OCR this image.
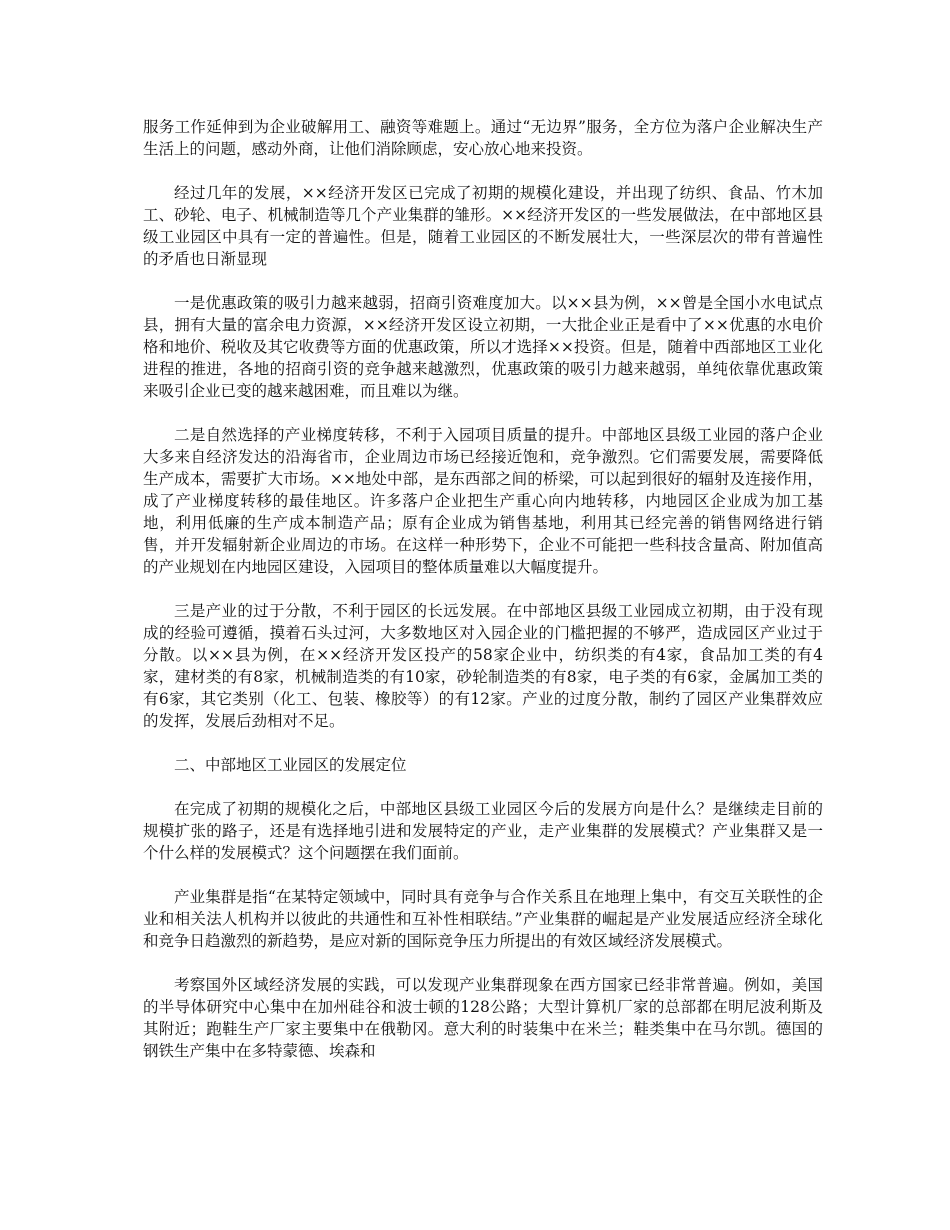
服务工作延伸到为企业破解用工、融资等难题上。通过“无边界”服务，全方位为落户企业解决生产生活上的问题，感动外商，让他们消除顾虑，安心放心地来投资。

经过几年的发展，××经济开发区已完成了初期的规模化建设，并出现了纺织、食品、竹木加工、砂轮、电子、机械制造等几个产业集群的雏形。××经济开发区的一些发展做法，在中部地区县级工业园区中具有一定的普遍性。但是，随着工业园区的不断发展壮大，一些深层次的带有普遍性的矛盾也日渐显现

一是优惠政策的吸引力越来越弱，招商引资难度加大。以××县为例，××曾是全国小水电试点县，拥有大量的富余电力资源，××经济开发区设立初期，一大批企业正是看中了××优惠的水电价格和地价、税收及其它收费等方面的优惠政策，所以才选择××投资。但是，随着中西部地区工业化进程的推进，各地的招商引资的竞争越来越激烈，优惠政策的吸引力越来越弱，单纯依靠优惠政策来吸引企业已变的越来越困难，而且难以为继。

二是自然选择的产业梯度转移，不利于入园项目质量的提升。中部地区县级工业园的落户企业大多来自经济发达的沿海省市，企业周边市场已经接近饱和，竞争激烈。它们需要发展，需要降低生产成本，需要扩大市场。××地处中部，是东西部之间的桥梁，可以起到很好的辐射及连接作用，成了产业梯度转移的最佳地区。许多落户企业把生产重心向内地转移，内地园区企业成为加工基地，利用低廉的生产成本制造产品；原有企业成为销售基地，利用其已经完善的销售网络进行销售，并开发辐射新企业周边的市场。在这样一种形势下，企业不可能把一些科技含量高、附加值高的产业规划在内地园区建设，入园项目的整体质量难以大幅度提升。

三是产业的过于分散，不利于园区的长远发展。在中部地区县级工业园成立初期，由于没有现成的经验可遵循，摸着石头过河，大多数地区对入园企业的门槛把握的不够严，造成园区产业过于分散。以××县为例，在××经济开发区投产的58家企业中，纺织类的有4家，食品加工类的有4家，建材类的有8家，机械制造类的有10家，砂轮制造类的有8家，电子类的有6家，金属加工类的有6家，其它类别（化工、包装、橡胶等）的有12家。产业的过度分散，制约了园区产业集群效应的发挥，发展后劲相对不足。

二、中部地区工业园区的发展定位

在完成了初期的规模化之后，中部地区县级工业园区今后的发展方向是什么？是继续走目前的规模扩张的路子，还是有选择地引进和发展特定的产业，走产业集群的发展模式？产业集群又是一个什么样的发展模式？这个问题摆在我们面前。

产业集群是指“在某特定领域中，同时具有竞争与合作关系且在地理上集中，有交互关联性的企业和相关法人机构并以彼此的共通性和互补性相联结。”产业集群的崛起是产业发展适应经济全球化和竞争日趋激烈的新趋势，是应对新的国际竞争压力所提出的有效区域经济发展模式。

考察国外区域经济发展的实践，可以发现产业集群现象在西方国家已经非常普遍。例如，美国的半导体研究中心集中在加州硅谷和波士顿的128公路；大型计算机厂家的总部都在明尼波利斯及其附近；跑鞋生产厂家主要集中在俄勒冈。意大利的时装集中在米兰；鞋类集中在马尔凯。德国的钢铁生产集中在多特蒙德、埃森和
